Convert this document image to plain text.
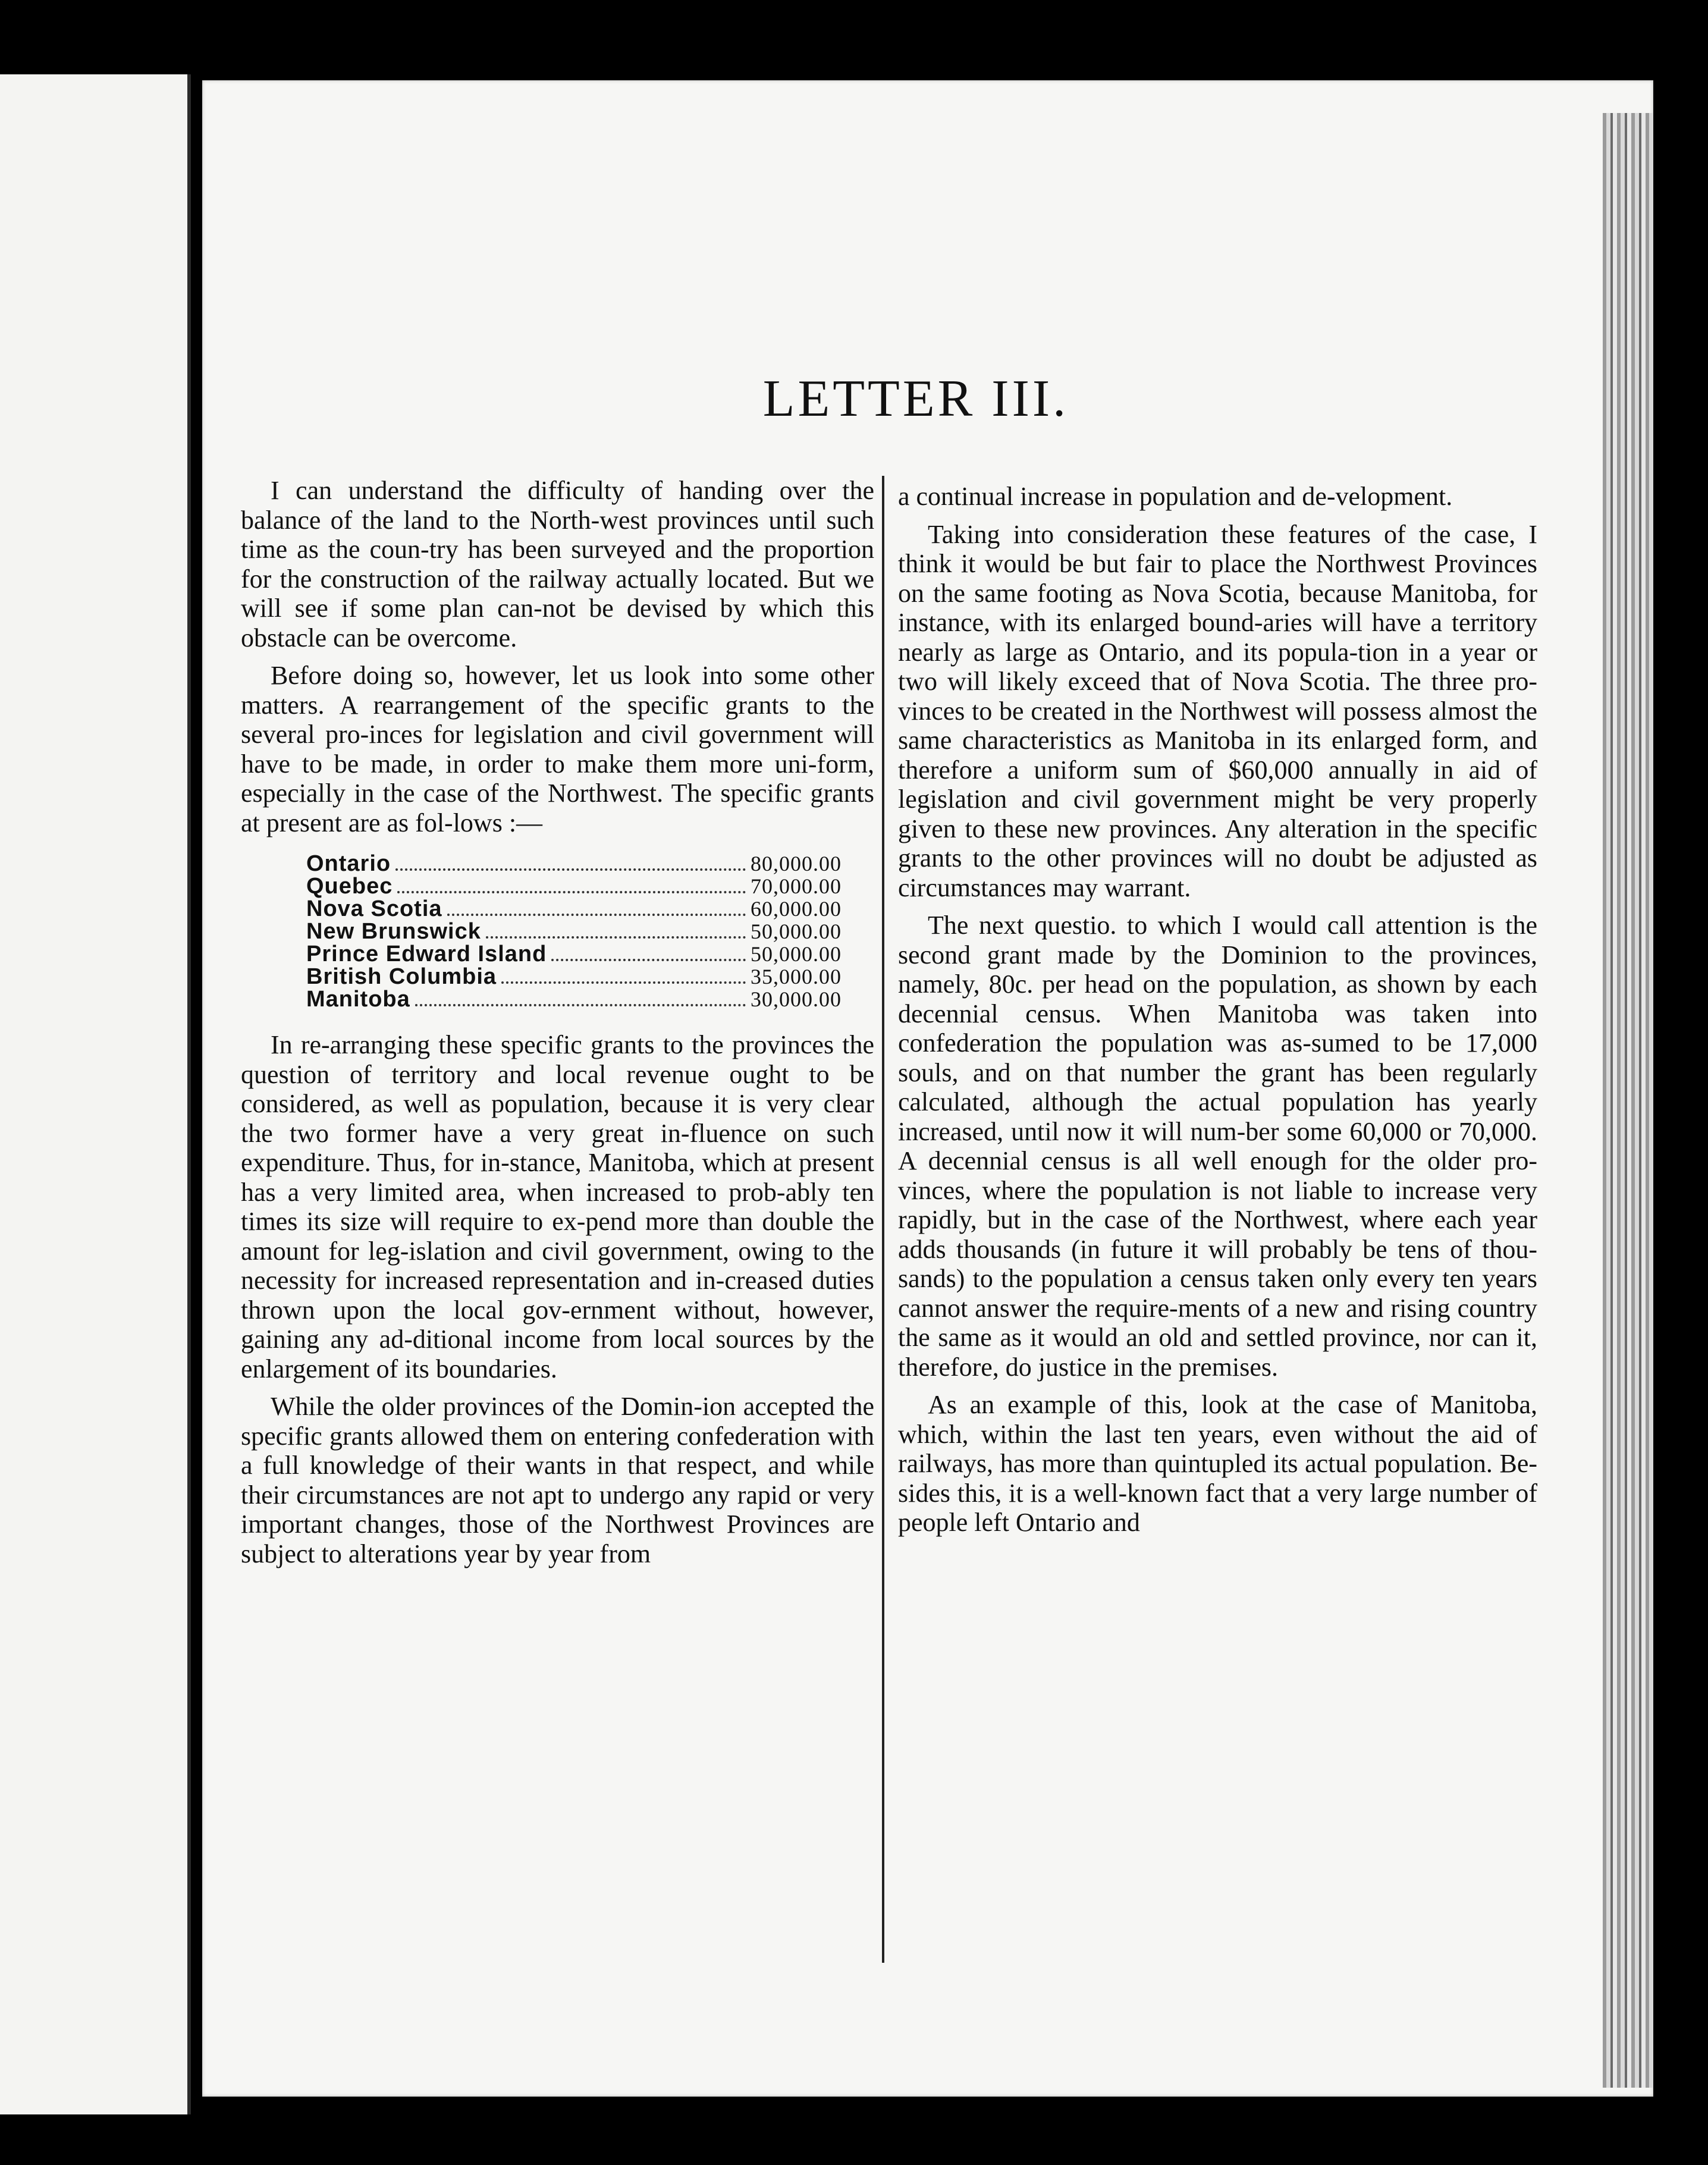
LETTER III.

I can understand the difficulty of handing over the balance of the land to the North-west provinces until such time as the coun-try has been surveyed and the proportion for the construction of the railway actually located. But we will see if some plan can-not be devised by which this obstacle can be overcome.

Before doing so, however, let us look into some other matters. A rearrangement of the specific grants to the several pro-inces for legislation and civil government will have to be made, in order to make them more uni-form, especially in the case of the Northwest. The specific grants at present are as fol-lows :—

Ontario	80,000.00
Quebec	70,000.00
Nova Scotia	60,000.00
New Brunswick	50,000.00
Prince Edward Island	50,000.00
British Columbia	35,000.00
Manitoba	30,000.00

In re-arranging these specific grants to the provinces the question of territory and local revenue ought to be considered, as well as population, because it is very clear the two former have a very great in-fluence on such expenditure. Thus, for in-stance, Manitoba, which at present has a very limited area, when increased to prob-ably ten times its size will require to ex-pend more than double the amount for leg-islation and civil government, owing to the necessity for increased representation and in-creased duties thrown upon the local gov-ernment without, however, gaining any ad-ditional income from local sources by the enlargement of its boundaries.

While the older provinces of the Domin-ion accepted the specific grants allowed them on entering confederation with a full knowledge of their wants in that respect, and while their circumstances are not apt to undergo any rapid or very important changes, those of the Northwest Provinces are subject to alterations year by year from

a continual increase in population and de-velopment.

Taking into consideration these features of the case, I think it would be but fair to place the Northwest Provinces on the same footing as Nova Scotia, because Manitoba, for instance, with its enlarged bound-aries will have a territory nearly as large as Ontario, and its popula-tion in a year or two will likely exceed that of Nova Scotia. The three pro-vinces to be created in the Northwest will possess almost the same characteristics as Manitoba in its enlarged form, and therefore a uniform sum of $60,000 annually in aid of legislation and civil government might be very properly given to these new provinces. Any alteration in the specific grants to the other provinces will no doubt be adjusted as circumstances may warrant.

The next questio. to which I would call attention is the second grant made by the Dominion to the provinces, namely, 80c. per head on the population, as shown by each decennial census. When Manitoba was taken into confederation the population was as-sumed to be 17,000 souls, and on that number the grant has been regularly calculated, although the actual population has yearly increased, until now it will num-ber some 60,000 or 70,000. A decennial census is all well enough for the older pro-vinces, where the population is not liable to increase very rapidly, but in the case of the Northwest, where each year adds thousands (in future it will probably be tens of thou-sands) to the population a census taken only every ten years cannot answer the require-ments of a new and rising country the same as it would an old and settled province, nor can it, therefore, do justice in the premises.

As an example of this, look at the case of Manitoba, which, within the last ten years, even without the aid of railways, has more than quintupled its actual population. Be-sides this, it is a well-known fact that a very large number of people left Ontario and
